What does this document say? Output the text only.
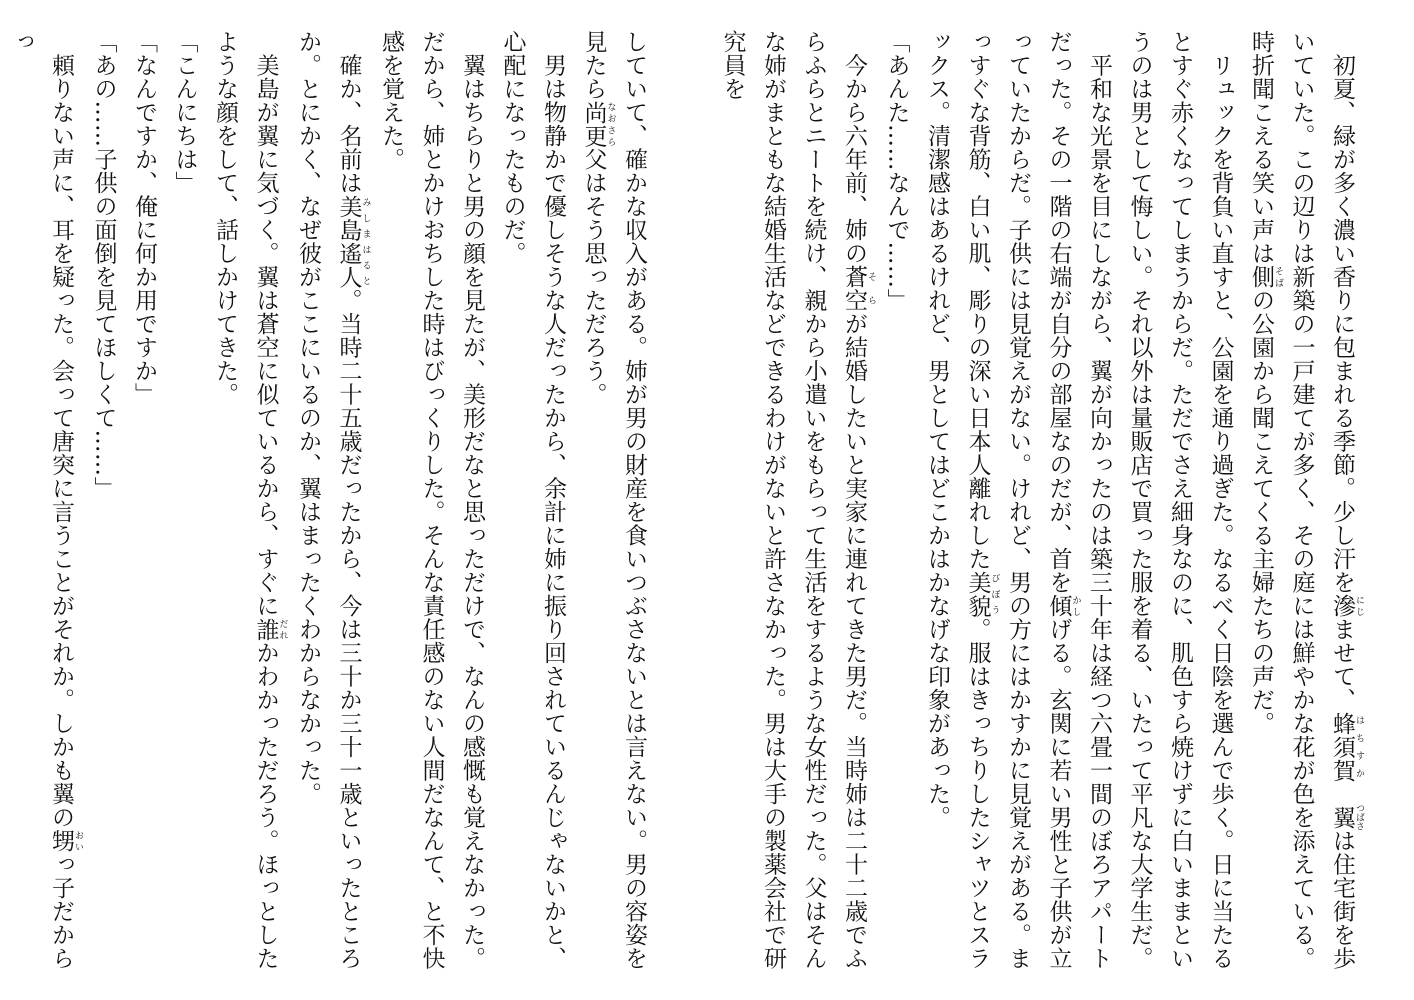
　初夏、緑が多く濃い香りに包まれる季節。少し汗を滲 にじませて、蜂須賀 はちすか　翼 つばさは住宅街を歩いていた。この辺りは新築の一戸建てが多く、その庭には鮮やかな花が色を添えている。時折聞こえる笑い声は側 そばの公園から聞こえてくる主婦たちの声だ。

　リュックを背負い直すと、公園を通り過ぎた。なるべく日陰を選んで歩く。日に当たるとすぐ赤くなってしまうからだ。ただでさえ細身なのに、肌色すら焼けずに白いままというのは男として悔しい。それ以外は量販店で買った服を着る、いたって平凡な大学生だ。

　平和な光景を目にしながら、翼が向かったのは築三十年は経つ六畳一間のぼろアパートだった。その一階の右端が自分の部屋なのだが、首を傾 かしげる。玄関に若い男性と子供が立っていたからだ。子供には見覚えがない。けれど、男の方にはかすかに見覚えがある。まっすぐな背筋、白い肌、彫りの深い日本人離れした美貌 びぼう。服はきっちりしたシャツとスラックス。清潔感はあるけれど、男としてはどこかはかなげな印象があった。

「あんた……なんで……」

　今から六年前、姉の蒼空 そらが結婚したいと実家に連れてきた男だ。当時姉は二十二歳でふらふらとニートを続け、親から小遣いをもらって生活をするような女性だった。父はそんな姉がまともな結婚生活などできるわけがないと許さなかった。男は大手の製薬会社で研究員を

していて、確かな収入がある。姉が男の財産を食いつぶさないとは言えない。男の容姿を見たら尚更 なおさら父はそう思っただろう。

　男は物静かで優しそうな人だったから、余計に姉に振り回されているんじゃないかと、心配になったものだ。

　翼はちらりと男の顔を見たが、美形だなと思っただけで、なんの感慨も覚えなかった。だから、姉とかけおちした時はびっくりした。そんな責任感のない人間だなんて、と不快感を覚えた。

　確か、名前は美島遙人 みしまはると。当時二十五歳だったから、今は三十か三十一歳といったところか。とにかく、なぜ彼がここにいるのか、翼はまったくわからなかった。

　美島が翼に気づく。翼は蒼空に似ているから、すぐに誰 だれかわかっただろう。ほっとしたような顔をして、話しかけてきた。

「こんにちは」

「なんですか、俺に何か用ですか」

「あの……子供の面倒を見てほしくて……」

　頼りない声に、耳を疑った。会って唐突に言うことがそれか。しかも翼の甥 おいっ子だからっ
